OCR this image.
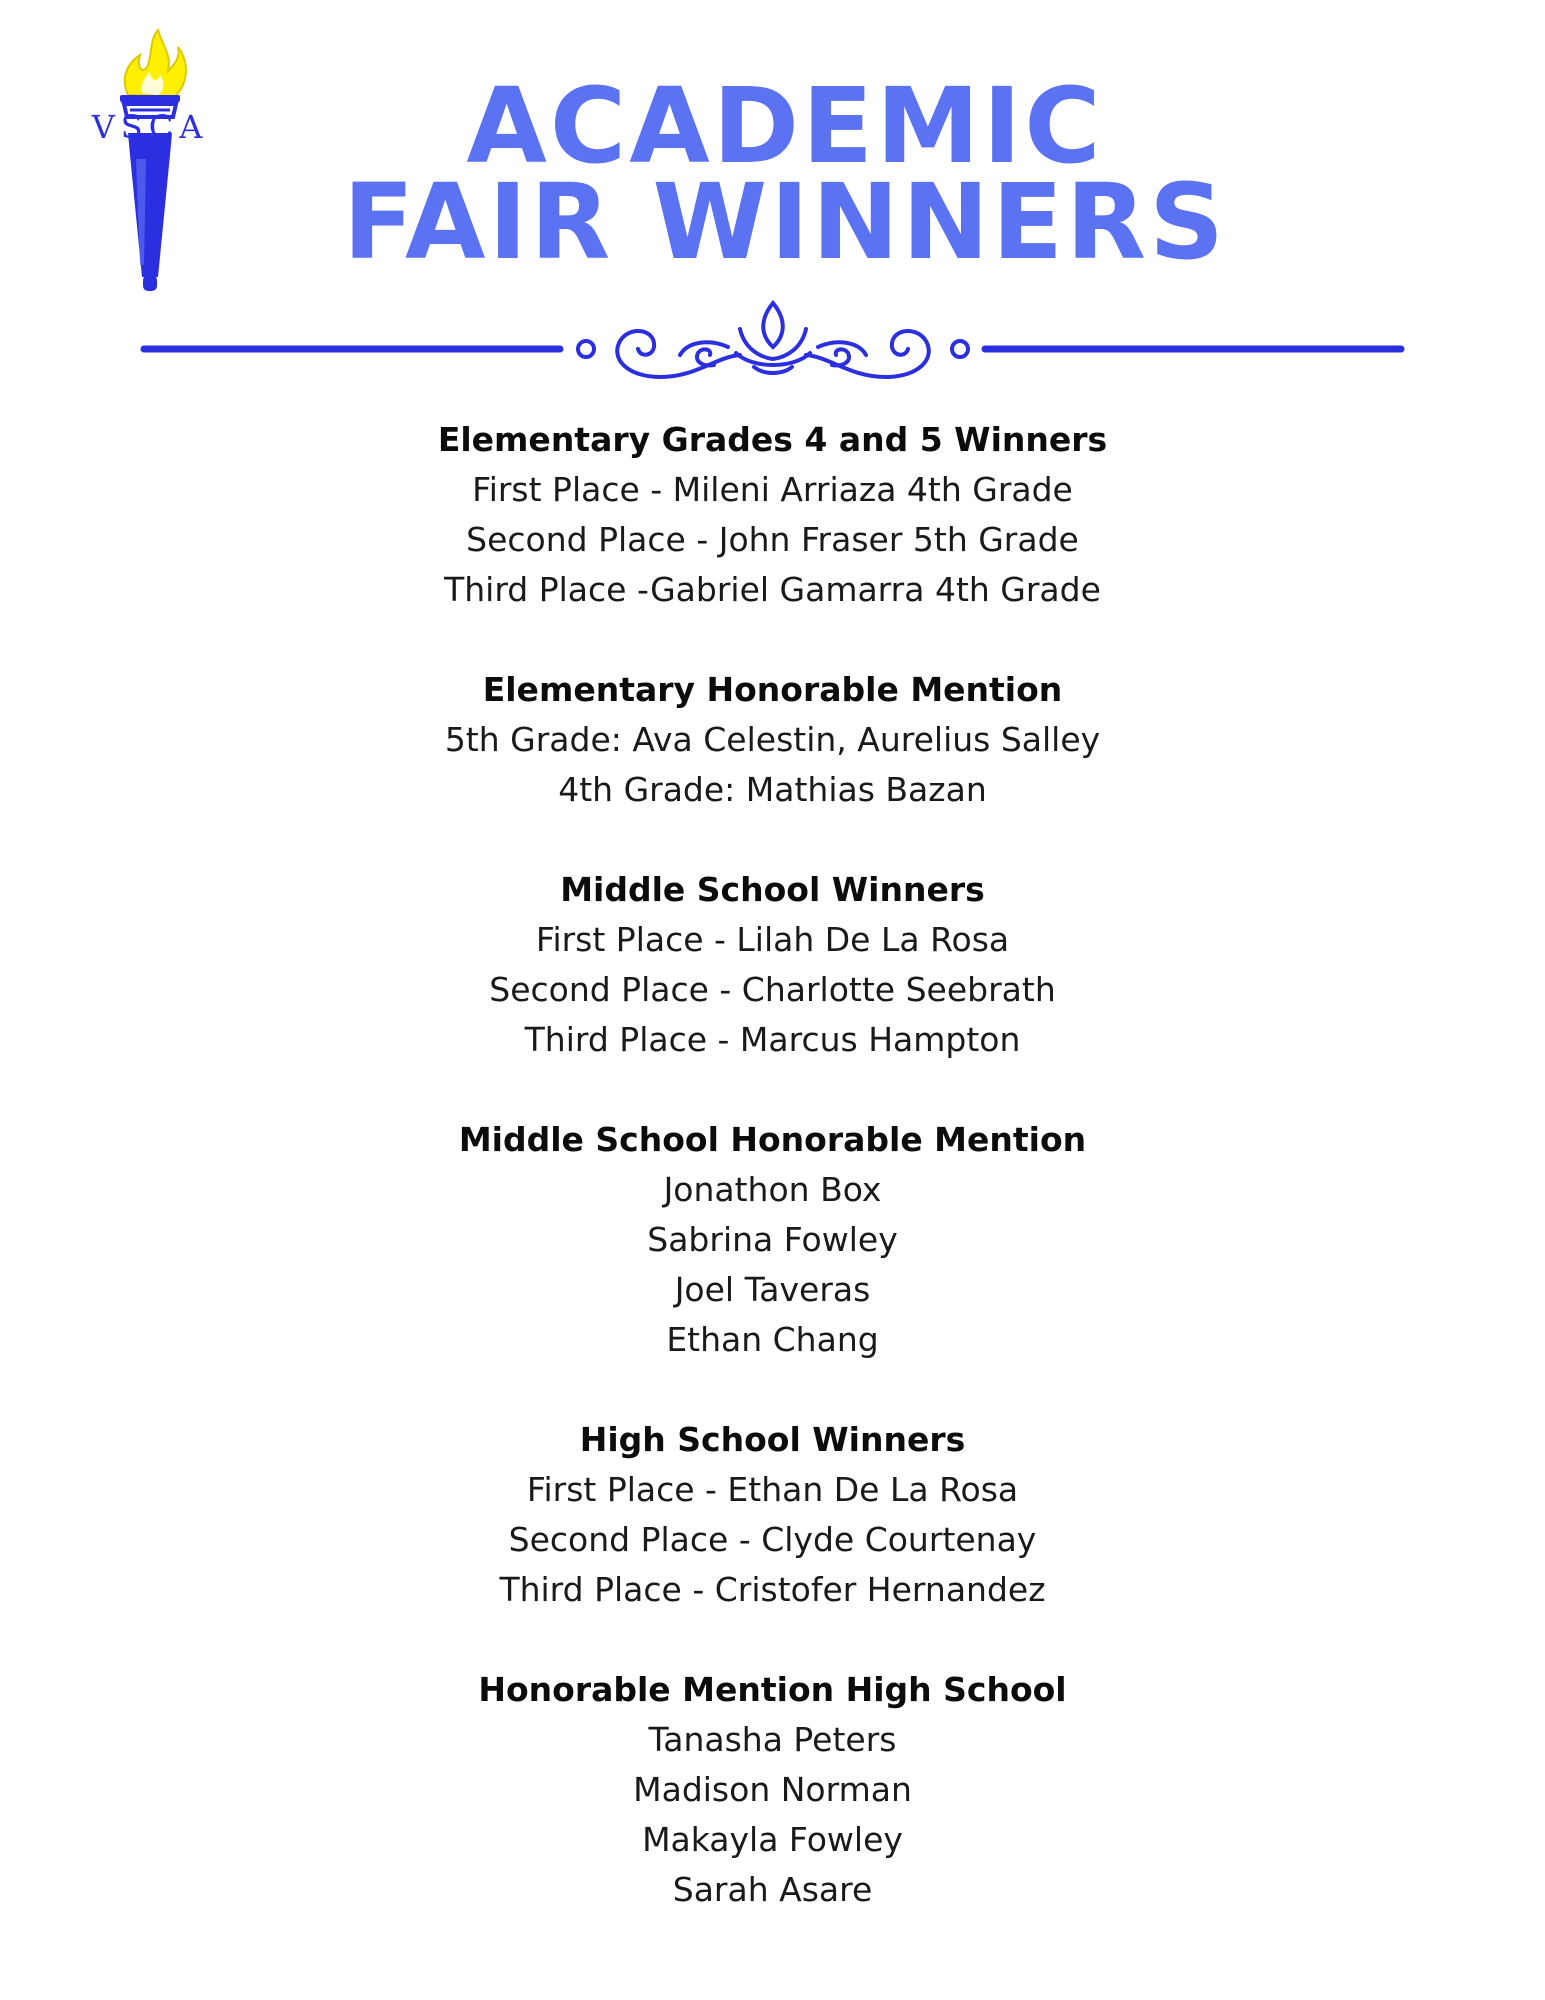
VSCA	ACADEMIC
FAIR WINNERS
Elementary Grades 4 and 5 Winners
First Place - Mileni Arriaza 4th Grade
Second Place - John Fraser 5th Grade
Third Place -Gabriel Gamarra 4th Grade
Elementary Honorable Mention
5th Grade: Ava Celestin, Aurelius Salley
4th Grade: Mathias Bazan
Middle School Winners
First Place - Lilah De La Rosa
Second Place - Charlotte Seebrath
Third Place - Marcus Hampton
Middle School Honorable Mention
Jonathon Box
Sabrina Fowley
Joel Taveras
Ethan Chang
High School Winners
First Place - Ethan De La Rosa
Second Place - Clyde Courtenay
Third Place - Cristofer Hernandez
Honorable Mention High School
Tanasha Peters
Madison Norman
Makayla Fowley
Sarah Asare
